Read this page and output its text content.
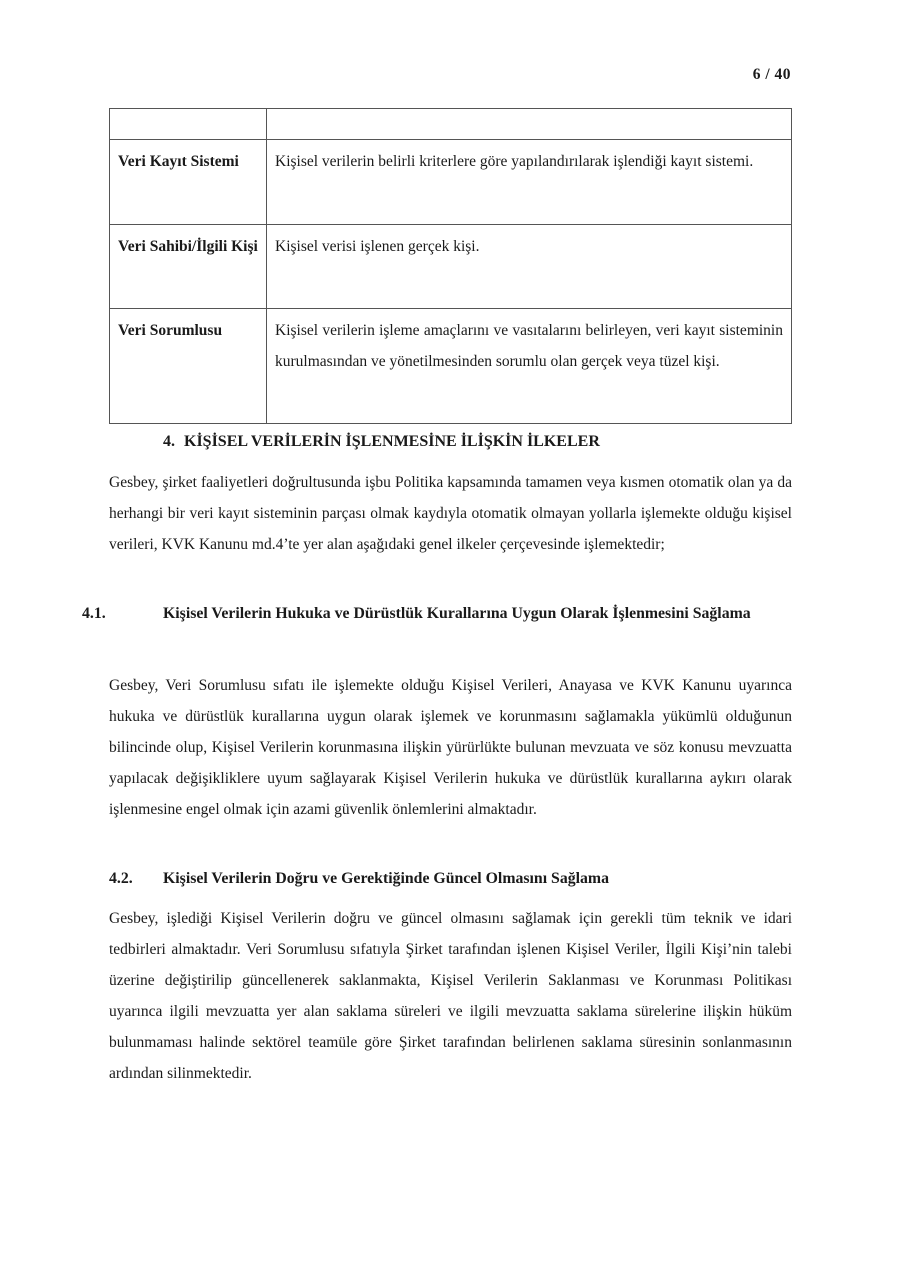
6 / 40

Veri Kayıt Sistemi	Kişisel verilerin belirli kriterlere göre yapılandırılarak işlendiği kayıt sistemi.
Veri Sahibi/İlgili Kişi	Kişisel verisi işlenen gerçek kişi.
Veri Sorumlusu	Kişisel verilerin işleme amaçlarını ve vasıtalarını belirleyen, veri kayıt sisteminin kurulmasından ve yönetilmesinden sorumlu olan gerçek veya tüzel kişi.
4. KİŞİSEL VERİLERİN İŞLENMESİNE İLİŞKİN İLKELER

Gesbey, şirket faaliyetleri doğrultusunda işbu Politika kapsamında tamamen veya kısmen otomatik olan ya da herhangi bir veri kayıt sisteminin parçası olmak kaydıyla otomatik olmayan yollarla işlemekte olduğu kişisel verileri, KVK Kanunu md.4’te yer alan aşağıdaki genel ilkeler çerçevesinde işlemektedir;

4.1.	Kişisel Verilerin Hukuka ve Dürüstlük Kurallarına Uygun Olarak İşlenmesini Sağlama

Gesbey, Veri Sorumlusu sıfatı ile işlemekte olduğu Kişisel Verileri, Anayasa ve KVK Kanunu uyarınca hukuka ve dürüstlük kurallarına uygun olarak işlemek ve korunmasını sağlamakla yükümlü olduğunun bilincinde olup, Kişisel Verilerin korunmasına ilişkin yürürlükte bulunan mevzuata ve söz konusu mevzuatta yapılacak değişikliklere uyum sağlayarak Kişisel Verilerin hukuka ve dürüstlük kurallarına aykırı olarak işlenmesine engel olmak için azami güvenlik önlemlerini almaktadır.

4.2. Kişisel Verilerin Doğru ve Gerektiğinde Güncel Olmasını Sağlama

Gesbey, işlediği Kişisel Verilerin doğru ve güncel olmasını sağlamak için gerekli tüm teknik ve idari tedbirleri almaktadır. Veri Sorumlusu sıfatıyla Şirket tarafından işlenen Kişisel Veriler, İlgili Kişi’nin talebi üzerine değiştirilip güncellenerek saklanmakta, Kişisel Verilerin Saklanması ve Korunması Politikası uyarınca ilgili mevzuatta yer alan saklama süreleri ve ilgili mevzuatta saklama sürelerine ilişkin hüküm bulunmaması halinde sektörel teamüle göre Şirket tarafından belirlenen saklama süresinin sonlanmasının ardından silinmektedir.
